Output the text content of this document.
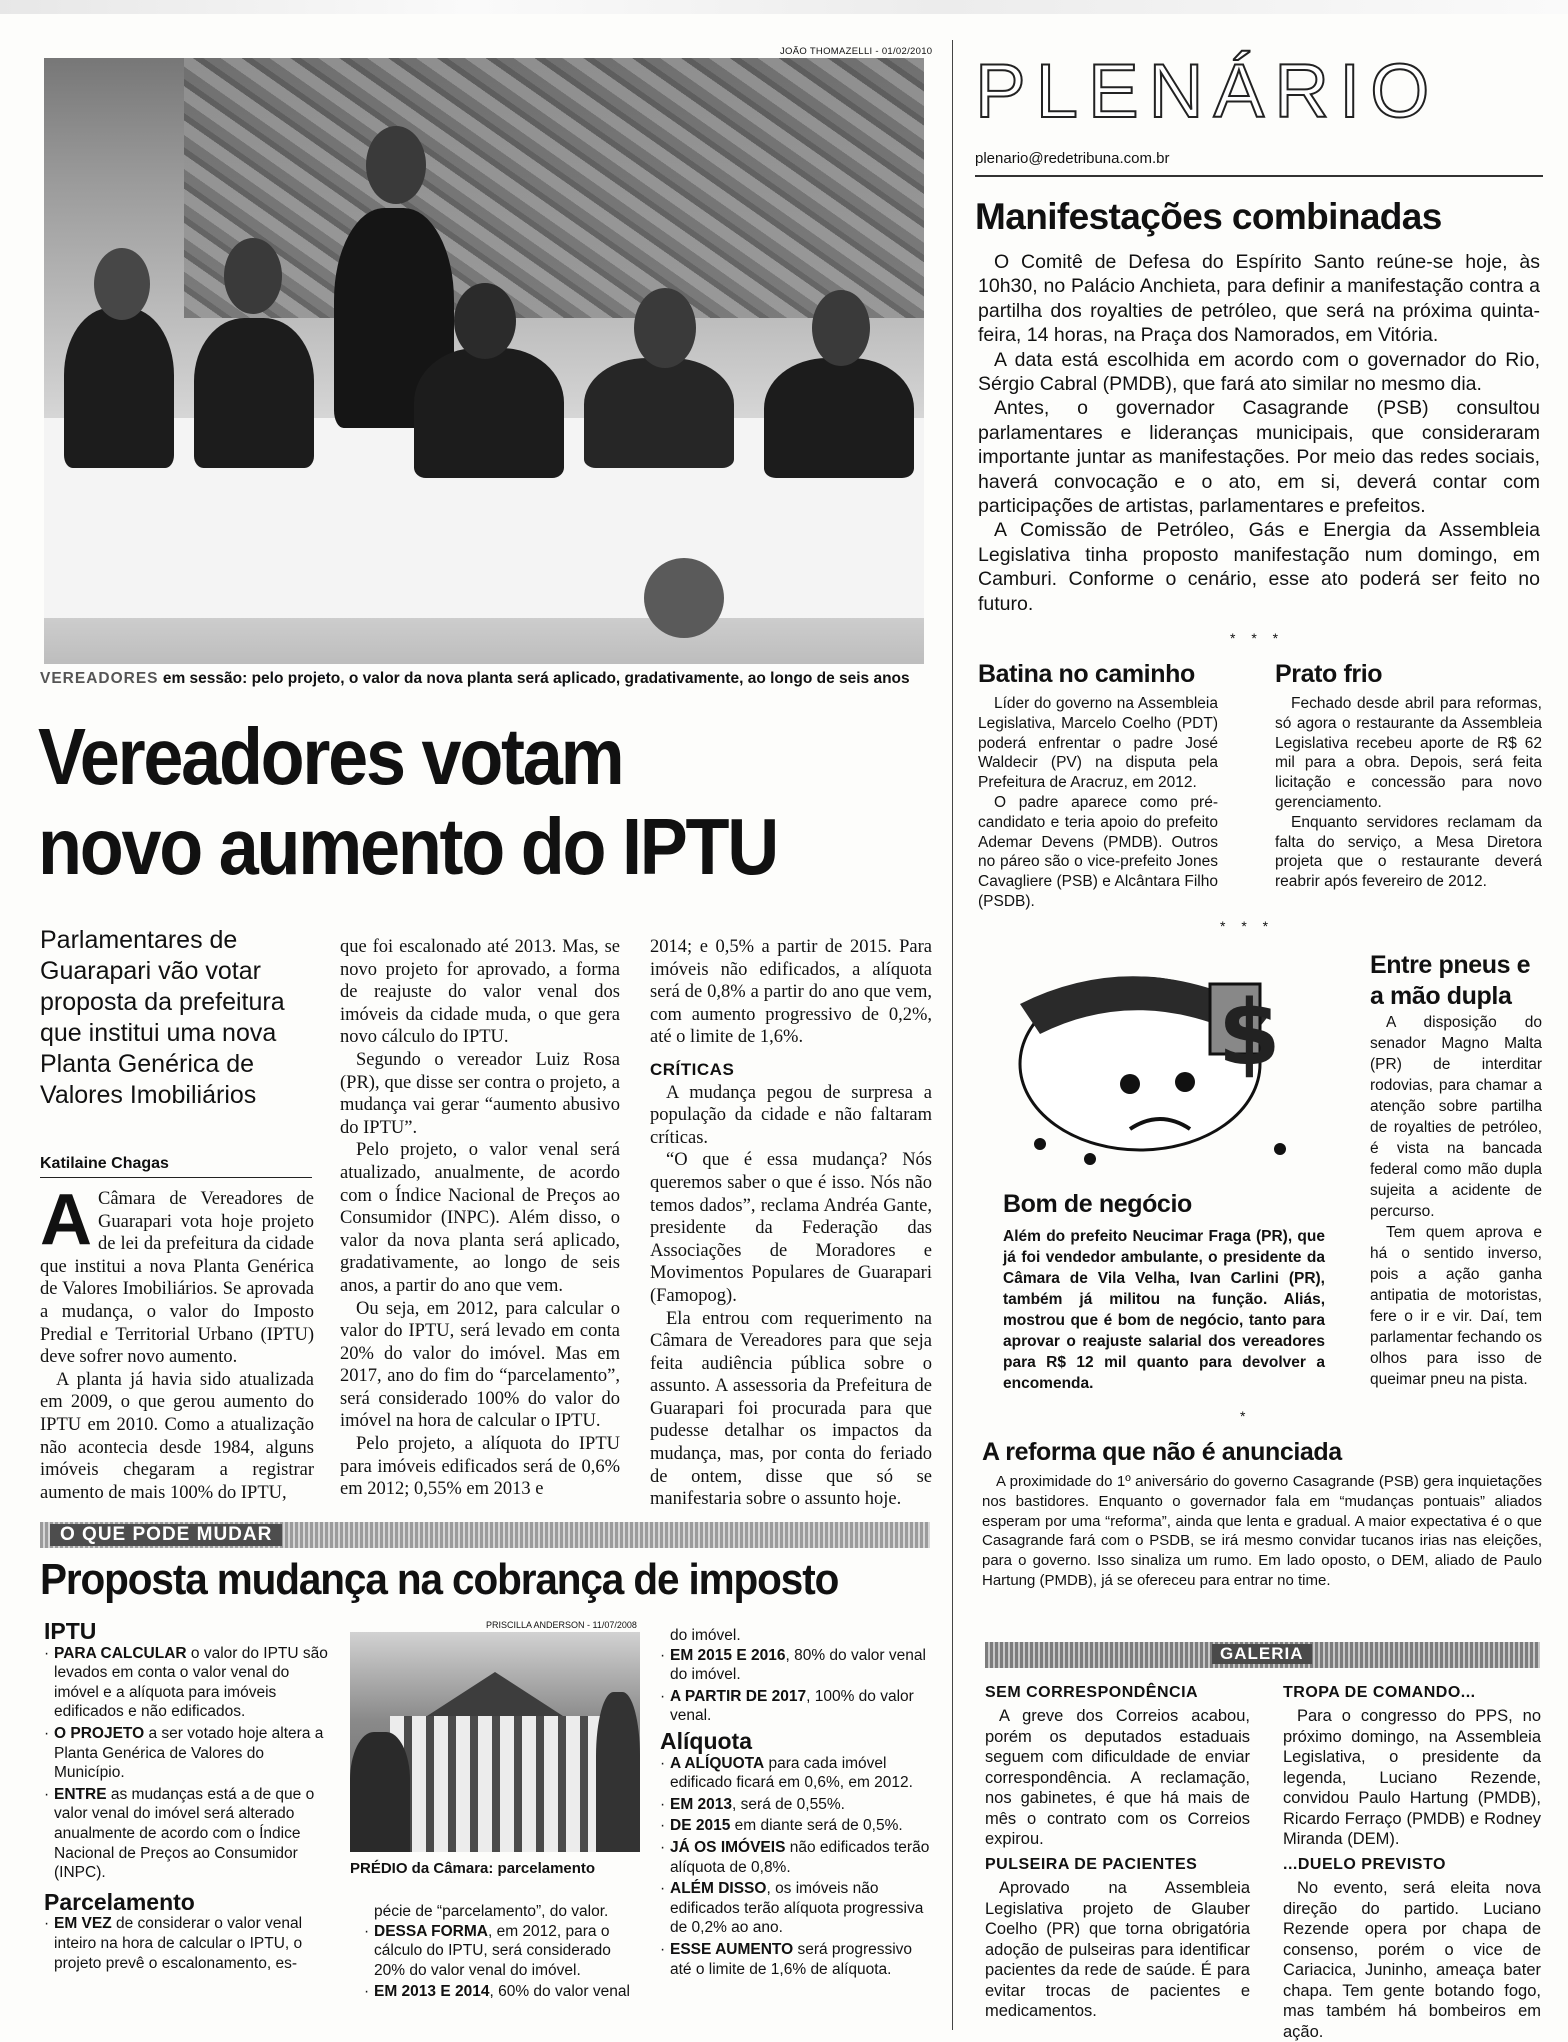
JOÃO THOMAZELLI - 01/02/2010
VEREADORES em sessão: pelo projeto, o valor da nova planta será aplicado, gradativamente, ao longo de seis anos
Vereadores votam
novo aumento do IPTU
Parlamentares de Guarapari vão votar proposta da prefeitura que institui uma nova Planta Genérica de Valores Imobiliários
Katilaine Chagas

A Câmara de Vereadores de Guarapari vota hoje projeto de lei da prefeitura da cidade que institui a nova Planta Genérica de Valores Imobiliários. Se aprovada a mudança, o valor do Imposto Predial e Territorial Urbano (IPTU) deve sofrer novo aumento.

A planta já havia sido atualizada em 2009, o que gerou aumento do IPTU em 2010. Como a atualização não acontecia desde 1984, alguns imóveis chegaram a registrar aumento de mais 100% do IPTU,

que foi escalonado até 2013. Mas, se novo projeto for aprovado, a forma de reajuste do valor venal dos imóveis da cidade muda, o que gera novo cálculo do IPTU.

Segundo o vereador Luiz Rosa (PR), que disse ser contra o projeto, a mudança vai gerar “aumento abusivo do IPTU”.

Pelo projeto, o valor venal será atualizado, anualmente, de acordo com o Índice Nacional de Preços ao Consumidor (INPC). Além disso, o valor da nova planta será aplicado, gradativamente, ao longo de seis anos, a partir do ano que vem.

Ou seja, em 2012, para calcular o valor do IPTU, será levado em conta 20% do valor do imóvel. Mas em 2017, ano do fim do “parcelamento”, será considerado 100% do valor do imóvel na hora de calcular o IPTU.

Pelo projeto, a alíquota do IPTU para imóveis edificados será de 0,6% em 2012; 0,55% em 2013 e

2014; e 0,5% a partir de 2015. Para imóveis não edificados, a alíquota será de 0,8% a partir do ano que vem, com aumento progressivo de 0,2%, até o limite de 1,6%.

CRÍTICAS

A mudança pegou de surpresa a população da cidade e não faltaram críticas.

“O que é essa mudança? Nós queremos saber o que é isso. Nós não temos dados”, reclama Andréa Gante, presidente da Federação das Associações de Moradores e Movimentos Populares de Guarapari (Famopog).

Ela entrou com requerimento na Câmara de Vereadores para que seja feita audiência pública sobre o assunto. A assessoria da Prefeitura de Guarapari foi procurada para que pudesse detalhar os impactos da mudança, mas, por conta do feriado de ontem, disse que só se manifestaria sobre o assunto hoje.

O QUE PODE MUDAR
Proposta mudança na cobrança de imposto
IPTU
· PARA CALCULAR o valor do IPTU são levados em conta o valor venal do imóvel e a alíquota para imóveis edificados e não edificados.
· O PROJETO a ser votado hoje altera a Planta Genérica de Valores do Município.
· ENTRE as mudanças está a de que o valor venal do imóvel será alterado anualmente de acordo com o Índice Nacional de Preços ao Consumidor (INPC).
Parcelamento
· EM VEZ de considerar o valor venal inteiro na hora de calcular o IPTU, o projeto prevê o escalonamento, es-
PRISCILLA ANDERSON - 11/07/2008
PRÉDIO da Câmara: parcelamento
pécie de “parcelamento”, do valor.
· DESSA FORMA, em 2012, para o cálculo do IPTU, será considerado 20% do valor venal do imóvel.
· EM 2013 E 2014, 60% do valor venal
do imóvel.
· EM 2015 E 2016, 80% do valor venal do imóvel.
· A PARTIR DE 2017, 100% do valor venal.
Alíquota
· A ALÍQUOTA para cada imóvel edificado ficará em 0,6%, em 2012.
· EM 2013, será de 0,55%.
· DE 2015 em diante será de 0,5%.
· JÁ OS IMÓVEIS não edificados terão alíquota de 0,8%.
· ALÉM DISSO, os imóveis não edificados terão alíquota progressiva de 0,2% ao ano.
· ESSE AUMENTO será progressivo até o limite de 1,6% de alíquota.
PLENÁRIO
plenario@redetribuna.com.br
Manifestações combinadas

O Comitê de Defesa do Espírito Santo reúne-se hoje, às 10h30, no Palácio Anchieta, para definir a manifestação contra a partilha dos royalties de petróleo, que será na próxima quinta-feira, 14 horas, na Praça dos Namorados, em Vitória.

A data está escolhida em acordo com o governador do Rio, Sérgio Cabral (PMDB), que fará ato similar no mesmo dia.

Antes, o governador Casagrande (PSB) consultou parlamentares e lideranças municipais, que consideraram importante juntar as manifestações. Por meio das redes sociais, haverá convocação e o ato, em si, deverá contar com participações de artistas, parlamentares e prefeitos.

A Comissão de Petróleo, Gás e Energia da Assembleia Legislativa tinha proposto manifestação num domingo, em Camburi. Conforme o cenário, esse ato poderá ser feito no futuro.

* * *
Batina no caminho

Líder do governo na Assembleia Legislativa, Marcelo Coelho (PDT) poderá enfrentar o padre José Waldecir (PV) na disputa pela Prefeitura de Aracruz, em 2012.

O padre aparece como pré-candidato e teria apoio do prefeito Ademar Devens (PMDB). Outros no páreo são o vice-prefeito Jones Cavagliere (PSB) e Alcântara Filho (PSDB).

Prato frio

Fechado desde abril para reformas, só agora o restaurante da Assembleia Legislativa recebeu aporte de R$ 62 mil para a obra. Depois, será feita licitação e concessão para novo gerenciamento.

Enquanto servidores reclamam da falta do serviço, a Mesa Diretora projeta que o restaurante deverá reabrir após fevereiro de 2012.

* * *
$
Bom de negócio
Além do prefeito Neucimar Fraga (PR), que já foi vendedor ambulante, o presidente da Câmara de Vila Velha, Ivan Carlini (PR), também já militou na função. Aliás, mostrou que é bom de negócio, tanto para aprovar o reajuste salarial dos vereadores para R$ 12 mil quanto para devolver a encomenda.
Entre pneus e
a mão dupla

A disposição do senador Magno Malta (PR) de interditar rodovias, para chamar a atenção sobre partilha de royalties de petróleo, é vista na bancada federal como mão dupla sujeita a acidente de percurso.

Tem quem aprova e há o sentido inverso, pois a ação ganha antipatia de motoristas, fere o ir e vir. Daí, tem parlamentar fechando os olhos para isso de queimar pneu na pista.

*
A reforma que não é anunciada
A proximidade do 1º aniversário do governo Casagrande (PSB) gera inquietações nos bastidores. Enquanto o governador fala em “mudanças pontuais” aliados esperam por uma “reforma”, ainda que lenta e gradual. A maior expectativa é o que Casagrande fará com o PSDB, se irá mesmo convidar tucanos irias nas eleições, para o governo. Isso sinaliza um rumo. Em lado oposto, o DEM, aliado de Paulo Hartung (PMDB), já se ofereceu para entrar no time.
GALERIA
SEM CORRESPONDÊNCIA
A greve dos Correios acabou, porém os deputados estaduais seguem com dificuldade de enviar correspondência. A reclamação, nos gabinetes, é que há mais de mês o contrato com os Correios expirou.
TROPA DE COMANDO...
Para o congresso do PPS, no próximo domingo, na Assembleia Legislativa, o presidente da legenda, Luciano Rezende, convidou Paulo Hartung (PMDB), Ricardo Ferraço (PMDB) e Rodney Miranda (DEM).
PULSEIRA DE PACIENTES
Aprovado na Assembleia Legislativa projeto de Glauber Coelho (PR) que torna obrigatória adoção de pulseiras para identificar pacientes da rede de saúde. É para evitar trocas de pacientes e medicamentos.
...DUELO PREVISTO
No evento, será eleita nova direção do partido. Luciano Rezende opera por chapa de consenso, porém o vice de Cariacica, Juninho, ameaça bater chapa. Tem gente botando fogo, mas também há bombeiros em ação.
